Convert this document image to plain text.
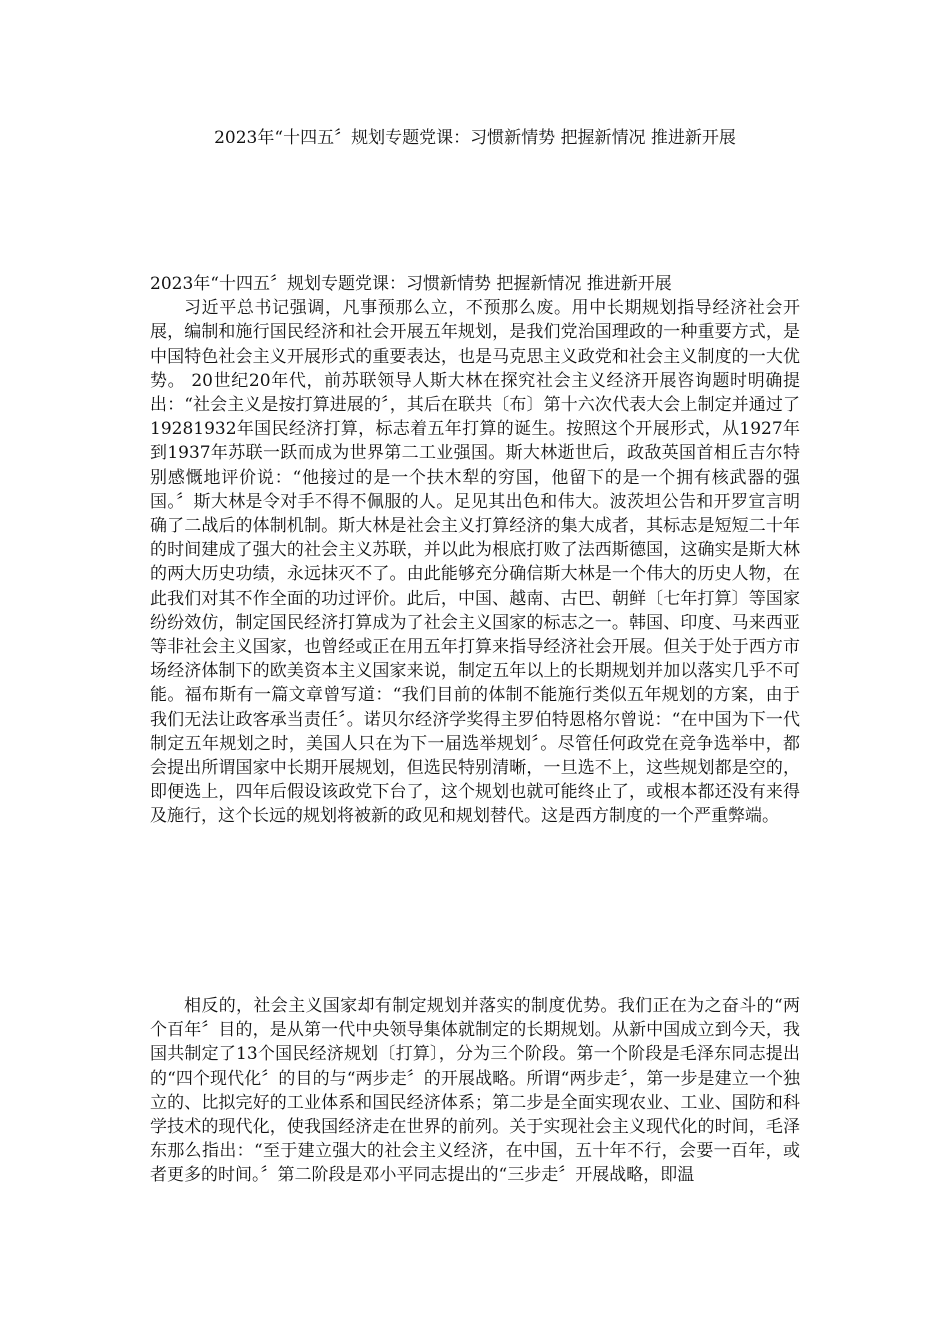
2023年“十四五〞规划专题党课：习惯新情势 把握新情况 推进新开展

2023年“十四五〞规划专题党课：习惯新情势 把握新情况 推进新开展

习近平总书记强调，凡事预那么立，不预那么废。用中长期规划指导经济社会开展，编制和施行国民经济和社会开展五年规划，是我们党治国理政的一种重要方式，是中国特色社会主义开展形式的重要表达，也是马克思主义政党和社会主义制度的一大优势。 20世纪20年代，前苏联领导人斯大林在探究社会主义经济开展咨询题时明确提出：“社会主义是按打算进展的〞，其后在联共〔布〕第十六次代表大会上制定并通过了19281932年国民经济打算，标志着五年打算的诞生。按照这个开展形式，从1927年到1937年苏联一跃而成为世界第二工业强国。斯大林逝世后，政敌英国首相丘吉尔特别感慨地评价说：“他接过的是一个扶木犁的穷国，他留下的是一个拥有核武器的强国。〞斯大林是令对手不得不佩服的人。足见其出色和伟大。波茨坦公告和开罗宣言明确了二战后的体制机制。斯大林是社会主义打算经济的集大成者，其标志是短短二十年的时间建成了强大的社会主义苏联，并以此为根底打败了法西斯德国，这确实是斯大林的两大历史功绩，永远抹灭不了。由此能够充分确信斯大林是一个伟大的历史人物，在此我们对其不作全面的功过评价。此后，中国、越南、古巴、朝鲜〔七年打算〕等国家纷纷效仿，制定国民经济打算成为了社会主义国家的标志之一。韩国、印度、马来西亚等非社会主义国家，也曾经或正在用五年打算来指导经济社会开展。但关于处于西方市场经济体制下的欧美资本主义国家来说，制定五年以上的长期规划并加以落实几乎不可能。福布斯有一篇文章曾写道：“我们目前的体制不能施行类似五年规划的方案，由于我们无法让政客承当责任〞。诺贝尔经济学奖得主罗伯特恩格尔曾说：“在中国为下一代制定五年规划之时，美国人只在为下一届选举规划〞。尽管任何政党在竞争选举中，都会提出所谓国家中长期开展规划，但选民特别清晰，一旦选不上，这些规划都是空的，即便选上，四年后假设该政党下台了，这个规划也就可能终止了，或根本都还没有来得及施行，这个长远的规划将被新的政见和规划替代。这是西方制度的一个严重弊端。

相反的，社会主义国家却有制定规划并落实的制度优势。我们正在为之奋斗的“两个百年〞目的，是从第一代中央领导集体就制定的长期规划。从新中国成立到今天，我国共制定了13个国民经济规划〔打算〕，分为三个阶段。第一个阶段是毛泽东同志提出的“四个现代化〞的目的与“两步走〞的开展战略。所谓“两步走〞，第一步是建立一个独立的、比拟完好的工业体系和国民经济体系；第二步是全面实现农业、工业、国防和科学技术的现代化，使我国经济走在世界的前列。关于实现社会主义现代化的时间，毛泽东那么指出：“至于建立强大的社会主义经济，在中国，五十年不行，会要一百年，或者更多的时间。〞第二阶段是邓小平同志提出的“三步走〞开展战略，即温
